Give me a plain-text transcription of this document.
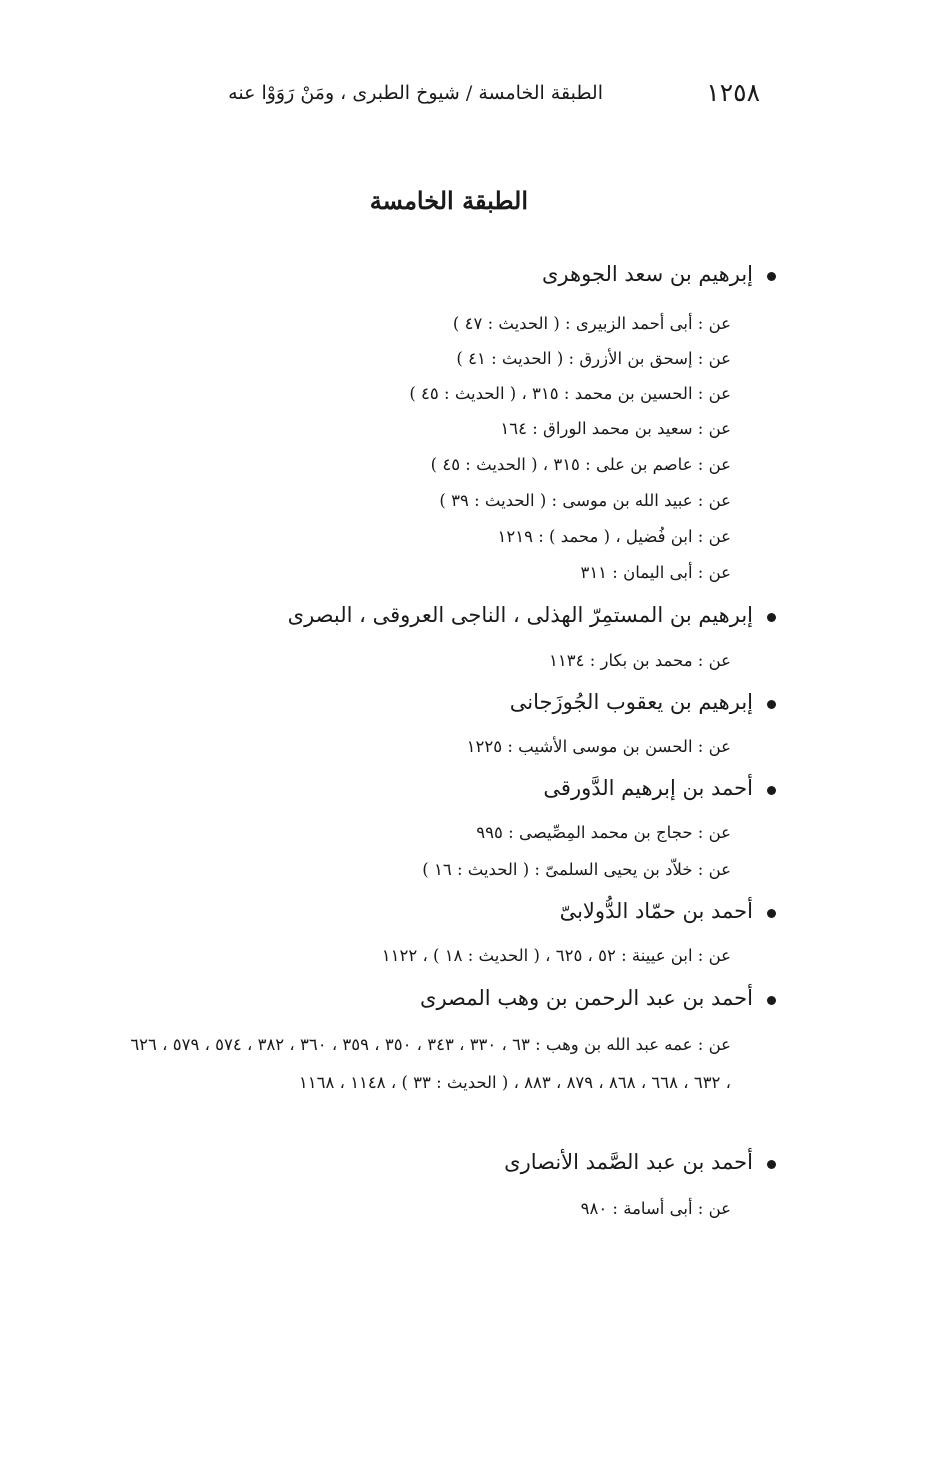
الطبقة الخامسة / شيوخ الطبرى ، ومَنْ رَوَوْا عنه	١٢٥٨
الطبقة الخامسة
إبرهيم بن سعد الجوهرى
عن : أبى أحمد الزبيرى : ( الحديث : ٤٧ )
عن : إسحق بن الأزرق : ( الحديث : ٤١ )
عن : الحسين بن محمد : ٣١٥ ، ( الحديث : ٤٥ )
عن : سعيد بن محمد الوراق : ١٦٤
عن : عاصم بن على : ٣١٥ ، ( الحديث : ٤٥ )
عن : عبيد الله بن موسى : ( الحديث : ٣٩ )
عن : ابن فُضيل ، ( محمد ) : ١٢١٩
عن : أبى اليمان : ٣١١
إبرهيم بن المستمِرّ الهذلى ، الناجى العروقى ، البصرى
عن : محمد بن بكار : ١١٣٤
إبرهيم بن يعقوب الجُوزَجانى
عن : الحسن بن موسى الأشيب : ١٢٢٥
أحمد بن إبرهيم الدَّورقى
عن : حجاج بن محمد المِصِّيصى : ٩٩٥
عن : خلاّد بن يحيى السلمىّ : ( الحديث : ١٦ )
أحمد بن حمّاد الدُّولابىّ
عن : ابن عيينة : ٥٢ ، ٦٢٥ ، ( الحديث : ١٨ ) ، ١١٢٢
أحمد بن عبد الرحمن بن وهب المصرى
عن : عمه عبد الله بن وهب : ٦٣ ، ٣٣٠ ، ٣٤٣ ، ٣٥٠ ، ٣٥٩ ، ٣٦٠ ، ٣٨٢ ، ٥٧٤ ، ٥٧٩ ، ٦٢٦ ، ٦٣٢ ، ٦٦٨ ، ٨٦٨ ، ٨٧٩ ، ٨٨٣ ، ( الحديث : ٣٣ ) ، ١١٤٨ ، ١١٦٨
أحمد بن عبد الصَّمد الأنصارى
عن : أبى أسامة : ٩٨٠
